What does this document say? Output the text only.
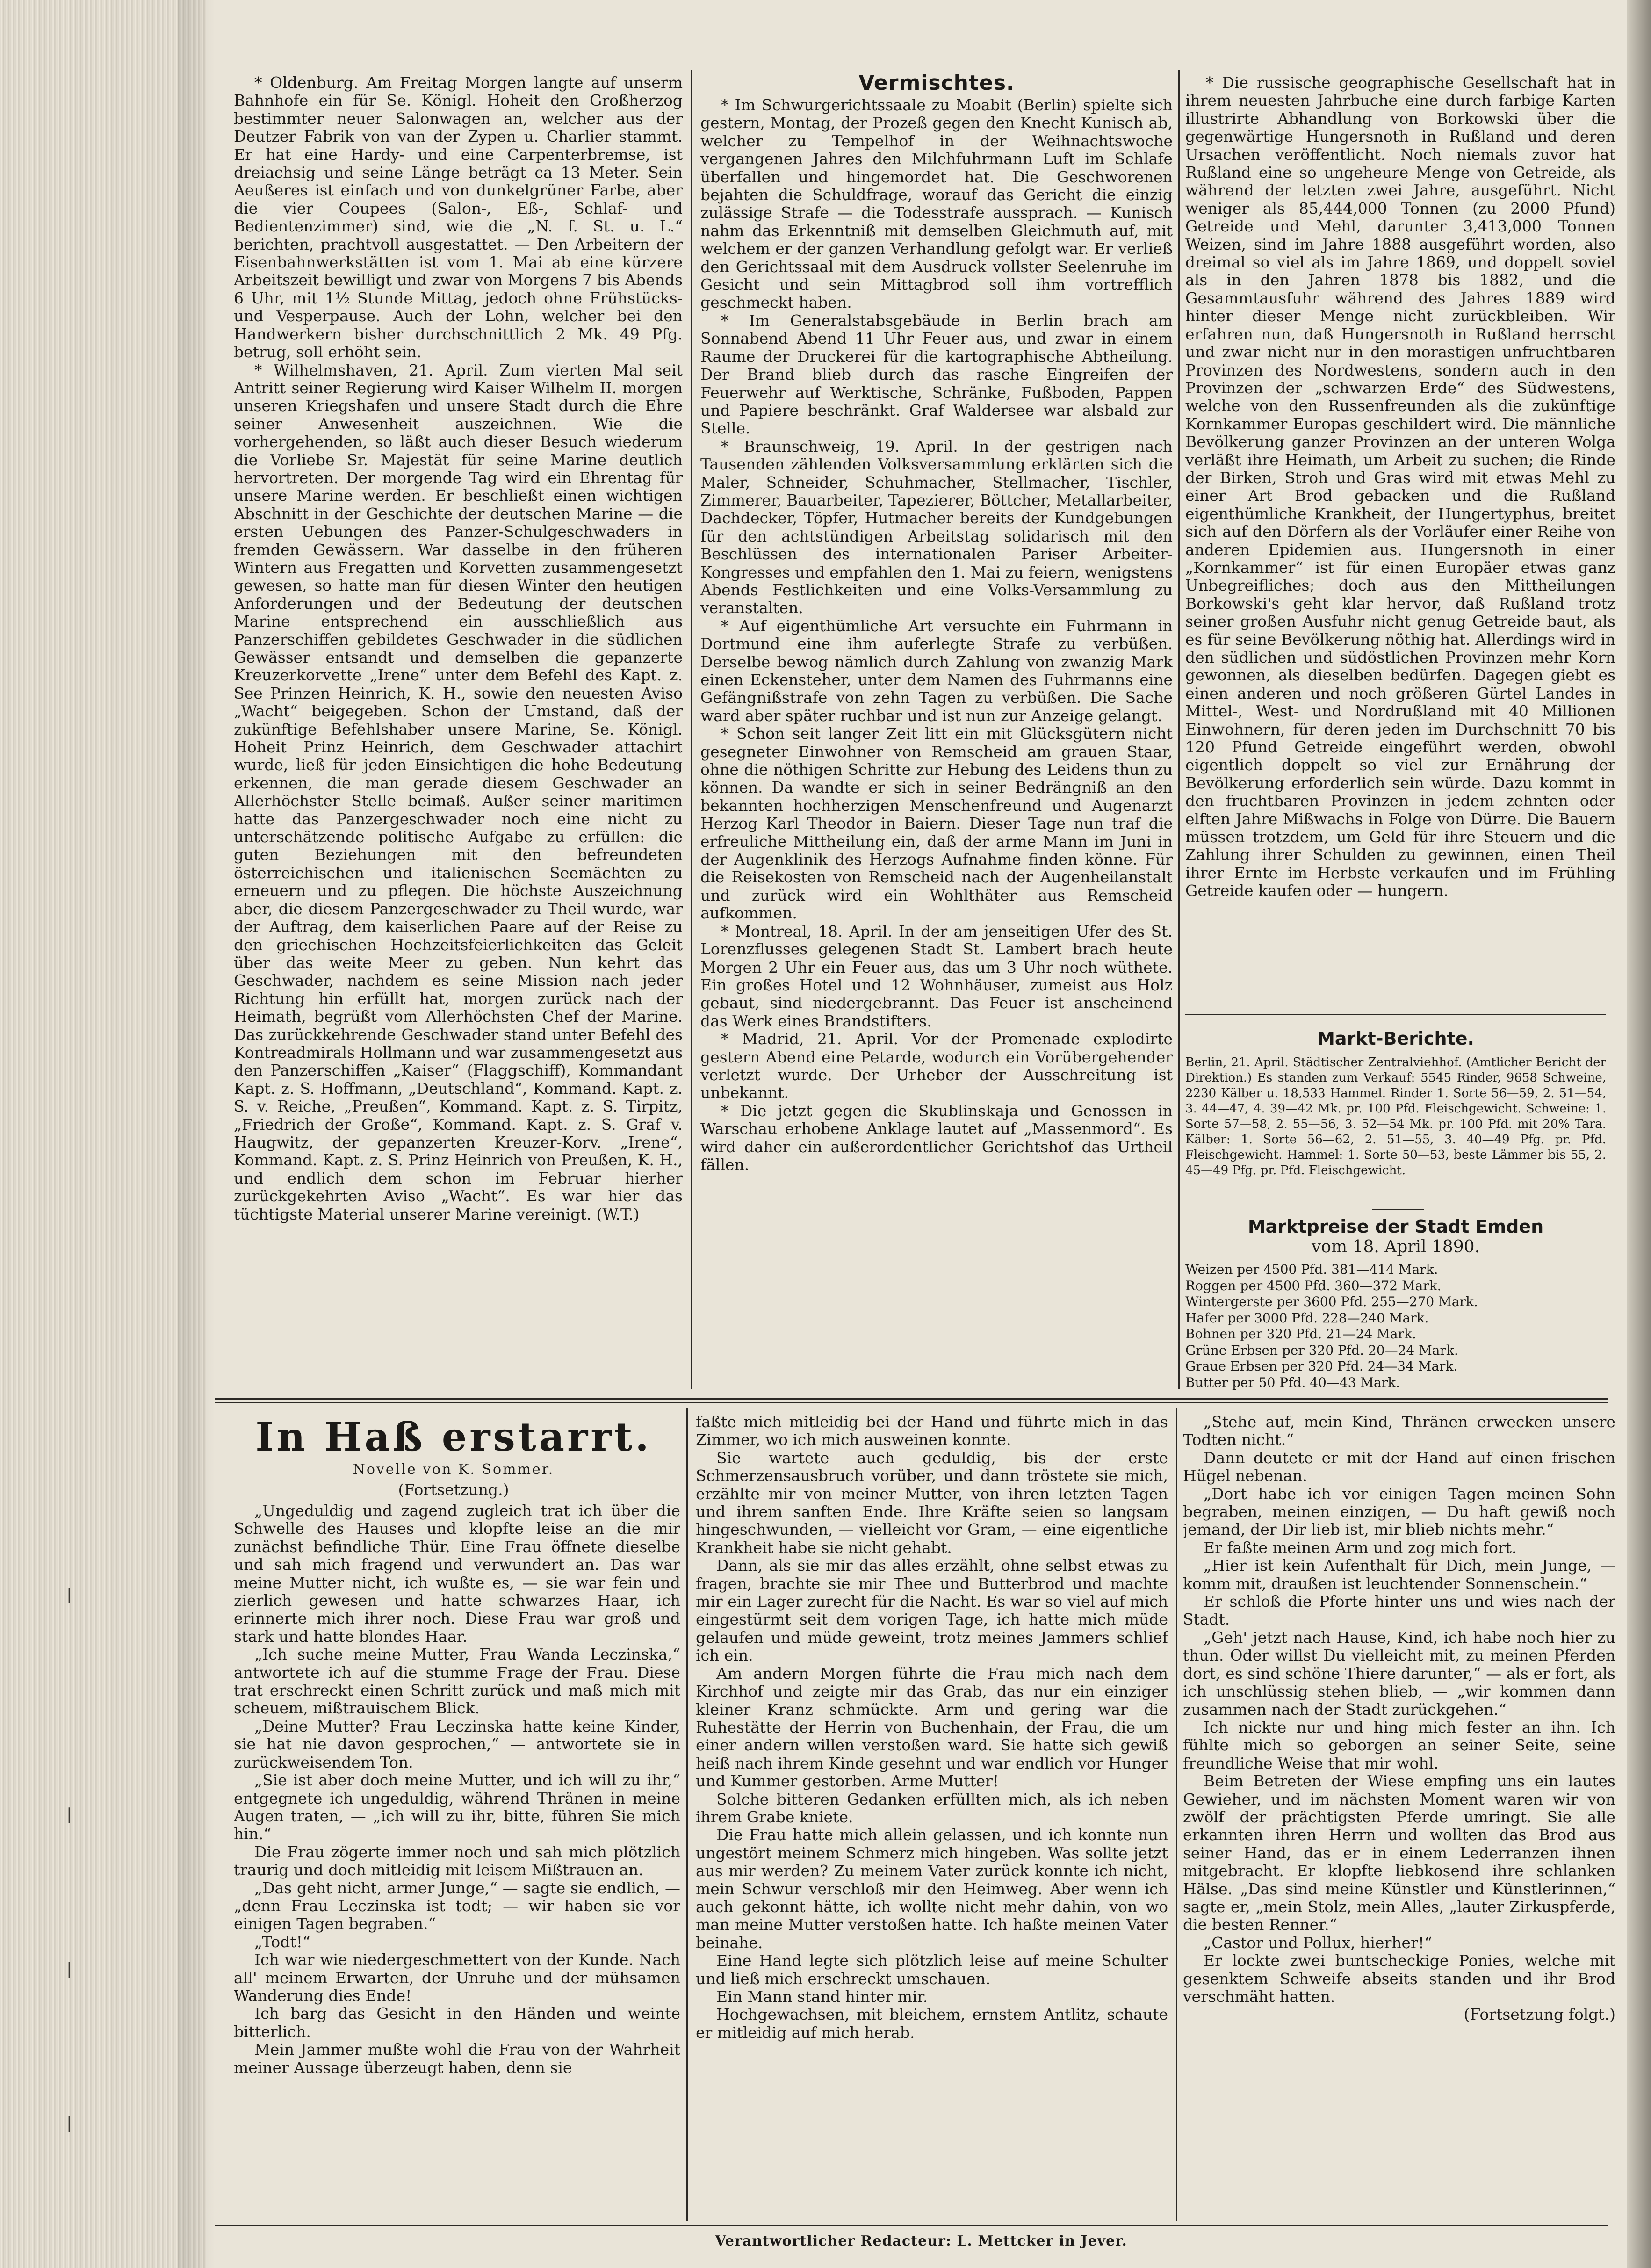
|
|
|
|

* Oldenburg. Am Freitag Morgen langte auf unserm Bahnhofe ein für Se. Königl. Hoheit den Großherzog bestimmter neuer Salonwagen an, welcher aus der Deutzer Fabrik von van der Zypen u. Charlier stammt. Er hat eine Hardy- und eine Carpenterbremse, ist dreiachsig und seine Länge beträgt ca 13 Meter. Sein Aeußeres ist einfach und von dunkelgrüner Farbe, aber die vier Coupees (Salon-, Eß-, Schlaf- und Bedientenzimmer) sind, wie die „N. f. St. u. L.“ berichten, prachtvoll ausgestattet. — Den Arbeitern der Eisenbahnwerkstätten ist vom 1. Mai ab eine kürzere Arbeitszeit bewilligt und zwar von Morgens 7 bis Abends 6 Uhr, mit 1½ Stunde Mittag, jedoch ohne Frühstücks- und Vesperpause. Auch der Lohn, welcher bei den Handwerkern bisher durchschnittlich 2 Mk. 49 Pfg. betrug, soll erhöht sein.

* Wilhelmshaven, 21. April. Zum vierten Mal seit Antritt seiner Regierung wird Kaiser Wilhelm II. morgen unseren Kriegshafen und unsere Stadt durch die Ehre seiner Anwesenheit auszeichnen. Wie die vorhergehenden, so läßt auch dieser Besuch wiederum die Vorliebe Sr. Majestät für seine Marine deutlich hervortreten. Der morgende Tag wird ein Ehrentag für unsere Marine werden. Er beschließt einen wichtigen Abschnitt in der Geschichte der deutschen Marine — die ersten Uebungen des Panzer-Schulgeschwaders in fremden Gewässern. War dasselbe in den früheren Wintern aus Fregatten und Korvetten zusammengesetzt gewesen, so hatte man für diesen Winter den heutigen Anforderungen und der Bedeutung der deutschen Marine entsprechend ein ausschließlich aus Panzerschiffen gebildetes Geschwader in die südlichen Gewässer entsandt und demselben die gepanzerte Kreuzerkorvette „Irene“ unter dem Befehl des Kapt. z. See Prinzen Heinrich, K. H., sowie den neuesten Aviso „Wacht“ beigegeben. Schon der Umstand, daß der zukünftige Befehlshaber unsere Marine, Se. Königl. Hoheit Prinz Heinrich, dem Geschwader attachirt wurde, ließ für jeden Einsichtigen die hohe Bedeutung erkennen, die man gerade diesem Geschwader an Allerhöchster Stelle beimaß. Außer seiner maritimen hatte das Panzergeschwader noch eine nicht zu unterschätzende politische Aufgabe zu erfüllen: die guten Beziehungen mit den befreundeten österreichischen und italienischen Seemächten zu erneuern und zu pflegen. Die höchste Auszeichnung aber, die diesem Panzergeschwader zu Theil wurde, war der Auftrag, dem kaiserlichen Paare auf der Reise zu den griechischen Hochzeitsfeierlichkeiten das Geleit über das weite Meer zu geben. Nun kehrt das Geschwader, nachdem es seine Mission nach jeder Richtung hin erfüllt hat, morgen zurück nach der Heimath, begrüßt vom Allerhöchsten Chef der Marine. Das zurückkehrende Geschwader stand unter Befehl des Kontreadmirals Hollmann und war zusammengesetzt aus den Panzerschiffen „Kaiser“ (Flaggschiff), Kommandant Kapt. z. S. Hoffmann, „Deutschland“, Kommand. Kapt. z. S. v. Reiche, „Preußen“, Kommand. Kapt. z. S. Tirpitz, „Friedrich der Große“, Kommand. Kapt. z. S. Graf v. Haugwitz, der gepanzerten Kreuzer-Korv. „Irene“, Kommand. Kapt. z. S. Prinz Heinrich von Preußen, K. H., und endlich dem schon im Februar hierher zurückgekehrten Aviso „Wacht“. Es war hier das tüchtigste Material unserer Marine vereinigt. (W.T.)

Vermischtes.

* Im Schwurgerichtssaale zu Moabit (Berlin) spielte sich gestern, Montag, der Prozeß gegen den Knecht Kunisch ab, welcher zu Tempelhof in der Weihnachtswoche vergangenen Jahres den Milchfuhrmann Luft im Schlafe überfallen und hingemordet hat. Die Geschworenen bejahten die Schuldfrage, worauf das Gericht die einzig zulässige Strafe — die Todesstrafe aussprach. — Kunisch nahm das Erkenntniß mit demselben Gleichmuth auf, mit welchem er der ganzen Verhandlung gefolgt war. Er verließ den Gerichtssaal mit dem Ausdruck vollster Seelenruhe im Gesicht und sein Mittagbrod soll ihm vortrefflich geschmeckt haben.

* Im Generalstabsgebäude in Berlin brach am Sonnabend Abend 11 Uhr Feuer aus, und zwar in einem Raume der Druckerei für die kartographische Abtheilung. Der Brand blieb durch das rasche Eingreifen der Feuerwehr auf Werktische, Schränke, Fußboden, Pappen und Papiere beschränkt. Graf Waldersee war alsbald zur Stelle.

* Braunschweig, 19. April. In der gestrigen nach Tausenden zählenden Volksversammlung erklärten sich die Maler, Schneider, Schuhmacher, Stellmacher, Tischler, Zimmerer, Bauarbeiter, Tapezierer, Böttcher, Metallarbeiter, Dachdecker, Töpfer, Hutmacher bereits der Kundgebungen für den achtstündigen Arbeitstag solidarisch mit den Beschlüssen des internationalen Pariser Arbeiter-Kongresses und empfahlen den 1. Mai zu feiern, wenigstens Abends Festlichkeiten und eine Volks-Versammlung zu veranstalten.

* Auf eigenthümliche Art versuchte ein Fuhrmann in Dortmund eine ihm auferlegte Strafe zu verbüßen. Derselbe bewog nämlich durch Zahlung von zwanzig Mark einen Eckensteher, unter dem Namen des Fuhrmanns eine Gefängnißstrafe von zehn Tagen zu verbüßen. Die Sache ward aber später ruchbar und ist nun zur Anzeige gelangt.

* Schon seit langer Zeit litt ein mit Glücksgütern nicht gesegneter Einwohner von Remscheid am grauen Staar, ohne die nöthigen Schritte zur Hebung des Leidens thun zu können. Da wandte er sich in seiner Bedrängniß an den bekannten hochherzigen Menschenfreund und Augenarzt Herzog Karl Theodor in Baiern. Dieser Tage nun traf die erfreuliche Mittheilung ein, daß der arme Mann im Juni in der Augenklinik des Herzogs Aufnahme finden könne. Für die Reisekosten von Remscheid nach der Augenheilanstalt und zurück wird ein Wohlthäter aus Remscheid aufkommen.

* Montreal, 18. April. In der am jenseitigen Ufer des St. Lorenzflusses gelegenen Stadt St. Lambert brach heute Morgen 2 Uhr ein Feuer aus, das um 3 Uhr noch wüthete. Ein großes Hotel und 12 Wohnhäuser, zumeist aus Holz gebaut, sind niedergebrannt. Das Feuer ist anscheinend das Werk eines Brandstifters.

* Madrid, 21. April. Vor der Promenade explodirte gestern Abend eine Petarde, wodurch ein Vorübergehender verletzt wurde. Der Urheber der Ausschreitung ist unbekannt.

* Die jetzt gegen die Skublinskaja und Genossen in Warschau erhobene Anklage lautet auf „Massenmord“. Es wird daher ein außerordentlicher Gerichtshof das Urtheil fällen.

* Die russische geographische Gesellschaft hat in ihrem neuesten Jahrbuche eine durch farbige Karten illustrirte Abhandlung von Borkowski über die gegenwärtige Hungersnoth in Rußland und deren Ursachen veröffentlicht. Noch niemals zuvor hat Rußland eine so ungeheure Menge von Getreide, als während der letzten zwei Jahre, ausgeführt. Nicht weniger als 85,444,000 Tonnen (zu 2000 Pfund) Getreide und Mehl, darunter 3,413,000 Tonnen Weizen, sind im Jahre 1888 ausgeführt worden, also dreimal so viel als im Jahre 1869, und doppelt soviel als in den Jahren 1878 bis 1882, und die Gesammtausfuhr während des Jahres 1889 wird hinter dieser Menge nicht zurückbleiben. Wir erfahren nun, daß Hungersnoth in Rußland herrscht und zwar nicht nur in den morastigen unfruchtbaren Provinzen des Nordwestens, sondern auch in den Provinzen der „schwarzen Erde“ des Südwestens, welche von den Russenfreunden als die zukünftige Kornkammer Europas geschildert wird. Die männliche Bevölkerung ganzer Provinzen an der unteren Wolga verläßt ihre Heimath, um Arbeit zu suchen; die Rinde der Birken, Stroh und Gras wird mit etwas Mehl zu einer Art Brod gebacken und die Rußland eigenthümliche Krankheit, der Hungertyphus, breitet sich auf den Dörfern als der Vorläufer einer Reihe von anderen Epidemien aus. Hungersnoth in einer „Kornkammer“ ist für einen Europäer etwas ganz Unbegreifliches; doch aus den Mittheilungen Borkowski's geht klar hervor, daß Rußland trotz seiner großen Ausfuhr nicht genug Getreide baut, als es für seine Bevölkerung nöthig hat. Allerdings wird in den südlichen und südöstlichen Provinzen mehr Korn gewonnen, als dieselben bedürfen. Dagegen giebt es einen anderen und noch größeren Gürtel Landes in Mittel-, West- und Nordrußland mit 40 Millionen Einwohnern, für deren jeden im Durchschnitt 70 bis 120 Pfund Getreide eingeführt werden, obwohl eigentlich doppelt so viel zur Ernährung der Bevölkerung erforderlich sein würde. Dazu kommt in den fruchtbaren Provinzen in jedem zehnten oder elften Jahre Mißwachs in Folge von Dürre. Die Bauern müssen trotzdem, um Geld für ihre Steuern und die Zahlung ihrer Schulden zu gewinnen, einen Theil ihrer Ernte im Herbste verkaufen und im Frühling Getreide kaufen oder — hungern.

Markt-Berichte.
Berlin, 21. April. Städtischer Zentralviehhof. (Amtlicher Bericht der Direktion.) Es standen zum Verkauf: 5545 Rinder, 9658 Schweine, 2230 Kälber u. 18,533 Hammel. Rinder 1. Sorte 56—59, 2. 51—54, 3. 44—47, 4. 39—42 Mk. pr. 100 Pfd. Fleischgewicht. Schweine: 1. Sorte 57—58, 2. 55—56, 3. 52—54 Mk. pr. 100 Pfd. mit 20% Tara. Kälber: 1. Sorte 56—62, 2. 51—55, 3. 40—49 Pfg. pr. Pfd. Fleischgewicht. Hammel: 1. Sorte 50—53, beste Lämmer bis 55, 2. 45—49 Pfg. pr. Pfd. Fleischgewicht.
Marktpreise der Stadt Emden
vom 18. April 1890.
Weizen per 4500 Pfd. 381—414 Mark.
Roggen per 4500 Pfd. 360—372 Mark.
Wintergerste per 3600 Pfd. 255—270 Mark.
Hafer per 3000 Pfd. 228—240 Mark.
Bohnen per 320 Pfd. 21—24 Mark.
Grüne Erbsen per 320 Pfd. 20—24 Mark.
Graue Erbsen per 320 Pfd. 24—34 Mark.
Butter per 50 Pfd. 40—43 Mark.
In Haß erstarrt.
Novelle von K. Sommer.
(Fortsetzung.)

„Ungeduldig und zagend zugleich trat ich über die Schwelle des Hauses und klopfte leise an die mir zunächst befindliche Thür. Eine Frau öffnete dieselbe und sah mich fragend und verwundert an. Das war meine Mutter nicht, ich wußte es, — sie war fein und zierlich gewesen und hatte schwarzes Haar, ich erinnerte mich ihrer noch. Diese Frau war groß und stark und hatte blondes Haar.

„Ich suche meine Mutter, Frau Wanda Leczinska,“ antwortete ich auf die stumme Frage der Frau. Diese trat erschreckt einen Schritt zurück und maß mich mit scheuem, mißtrauischem Blick.

„Deine Mutter? Frau Leczinska hatte keine Kinder, sie hat nie davon gesprochen,“ — antwortete sie in zurückweisendem Ton.

„Sie ist aber doch meine Mutter, und ich will zu ihr,“ entgegnete ich ungeduldig, während Thränen in meine Augen traten, — „ich will zu ihr, bitte, führen Sie mich hin.“

Die Frau zögerte immer noch und sah mich plötzlich traurig und doch mitleidig mit leisem Mißtrauen an.

„Das geht nicht, armer Junge,“ — sagte sie endlich, — „denn Frau Leczinska ist todt; — wir haben sie vor einigen Tagen begraben.“

„Todt!“

Ich war wie niedergeschmettert von der Kunde. Nach all' meinem Erwarten, der Unruhe und der mühsamen Wanderung dies Ende!

Ich barg das Gesicht in den Händen und weinte bitterlich.

Mein Jammer mußte wohl die Frau von der Wahrheit meiner Aussage überzeugt haben, denn sie

faßte mich mitleidig bei der Hand und führte mich in das Zimmer, wo ich mich ausweinen konnte.

Sie wartete auch geduldig, bis der erste Schmerzensausbruch vorüber, und dann tröstete sie mich, erzählte mir von meiner Mutter, von ihren letzten Tagen und ihrem sanften Ende. Ihre Kräfte seien so langsam hingeschwunden, — vielleicht vor Gram, — eine eigentliche Krankheit habe sie nicht gehabt.

Dann, als sie mir das alles erzählt, ohne selbst etwas zu fragen, brachte sie mir Thee und Butterbrod und machte mir ein Lager zurecht für die Nacht. Es war so viel auf mich eingestürmt seit dem vorigen Tage, ich hatte mich müde gelaufen und müde geweint, trotz meines Jammers schlief ich ein.

Am andern Morgen führte die Frau mich nach dem Kirchhof und zeigte mir das Grab, das nur ein einziger kleiner Kranz schmückte. Arm und gering war die Ruhestätte der Herrin von Buchenhain, der Frau, die um einer andern willen verstoßen ward. Sie hatte sich gewiß heiß nach ihrem Kinde gesehnt und war endlich vor Hunger und Kummer gestorben. Arme Mutter!

Solche bitteren Gedanken erfüllten mich, als ich neben ihrem Grabe kniete.

Die Frau hatte mich allein gelassen, und ich konnte nun ungestört meinem Schmerz mich hingeben. Was sollte jetzt aus mir werden? Zu meinem Vater zurück konnte ich nicht, mein Schwur verschloß mir den Heimweg. Aber wenn ich auch gekonnt hätte, ich wollte nicht mehr dahin, von wo man meine Mutter verstoßen hatte. Ich haßte meinen Vater beinahe.

Eine Hand legte sich plötzlich leise auf meine Schulter und ließ mich erschreckt umschauen.

Ein Mann stand hinter mir.

Hochgewachsen, mit bleichem, ernstem Antlitz, schaute er mitleidig auf mich herab.

„Stehe auf, mein Kind, Thränen erwecken unsere Todten nicht.“

Dann deutete er mit der Hand auf einen frischen Hügel nebenan.

„Dort habe ich vor einigen Tagen meinen Sohn begraben, meinen einzigen, — Du haft gewiß noch jemand, der Dir lieb ist, mir blieb nichts mehr.“

Er faßte meinen Arm und zog mich fort.

„Hier ist kein Aufenthalt für Dich, mein Junge, — komm mit, draußen ist leuchtender Sonnenschein.“

Er schloß die Pforte hinter uns und wies nach der Stadt.

„Geh' jetzt nach Hause, Kind, ich habe noch hier zu thun. Oder willst Du vielleicht mit, zu meinen Pferden dort, es sind schöne Thiere darunter,“ — als er fort, als ich unschlüssig stehen blieb, — „wir kommen dann zusammen nach der Stadt zurückgehen.“

Ich nickte nur und hing mich fester an ihn. Ich fühlte mich so geborgen an seiner Seite, seine freundliche Weise that mir wohl.

Beim Betreten der Wiese empfing uns ein lautes Gewieher, und im nächsten Moment waren wir von zwölf der prächtigsten Pferde umringt. Sie alle erkannten ihren Herrn und wollten das Brod aus seiner Hand, das er in einem Lederranzen ihnen mitgebracht. Er klopfte liebkosend ihre schlanken Hälse. „Das sind meine Künstler und Künstlerinnen,“ sagte er, „mein Stolz, mein Alles, „lauter Zirkuspferde, die besten Renner.“

„Castor und Pollux, hierher!“

Er lockte zwei buntscheckige Ponies, welche mit gesenktem Schweife abseits standen und ihr Brod verschmäht hatten.

(Fortsetzung folgt.)

Verantwortlicher Redacteur: L. Mettcker in Jever.
